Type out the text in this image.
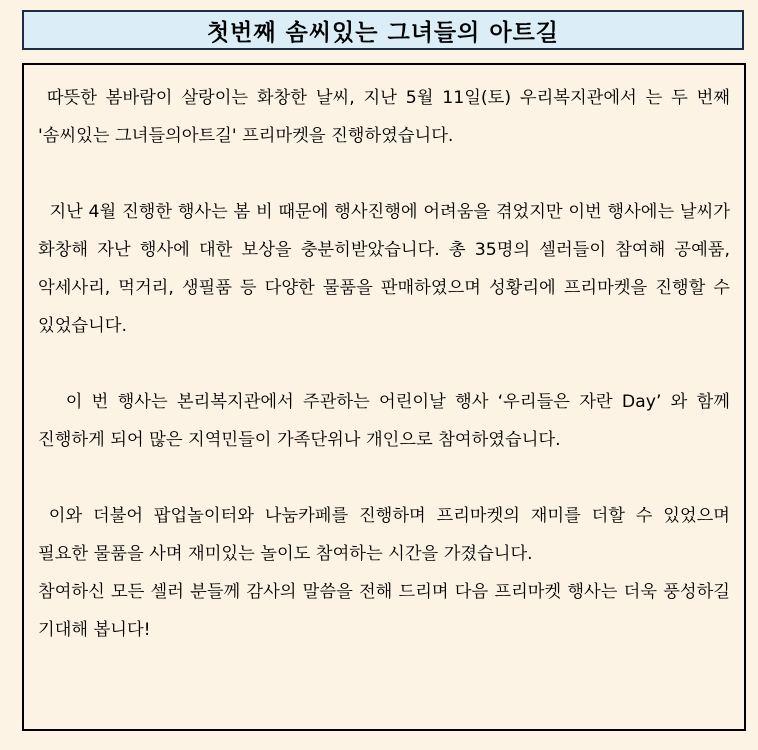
첫번째 솜씨있는 그녀들의 아트길

따뜻한 봄바람이 살랑이는 화창한 날씨, 지난 5월 11일(토) 우리복지관에서 는 두 번째 '솜씨있는 그녀들의아트길' 프리마켓을 진행하였습니다.

지난 4월 진행한 행사는 봄 비 때문에 행사진행에 어려움을 겪었지만 이번 행사에는 날씨가 화창해 자난 행사에 대한 보상을 충분히받았습니다. 총 35명의 셀러들이 참여해 공예품, 악세사리, 먹거리, 생필품 등 다양한 물품을 판매하였으며 성황리에 프리마켓을 진행할 수 있었습니다.

이 번 행사는 본리복지관에서 주관하는 어린이날 행사 ‘우리들은 자란 Day’ 와 함께 진행하게 되어 많은 지역민들이 가족단위나 개인으로 참여하였습니다.

이와 더불어 팝업놀이터와 나눔카페를 진행하며 프리마켓의 재미를 더할 수 있었으며 필요한 물품을 사며 재미있는 놀이도 참여하는 시간을 가졌습니다.

참여하신 모든 셀러 분들께 감사의 말씀을 전해 드리며 다음 프리마켓 행사는 더욱 풍성하길 기대해 봅니다!
